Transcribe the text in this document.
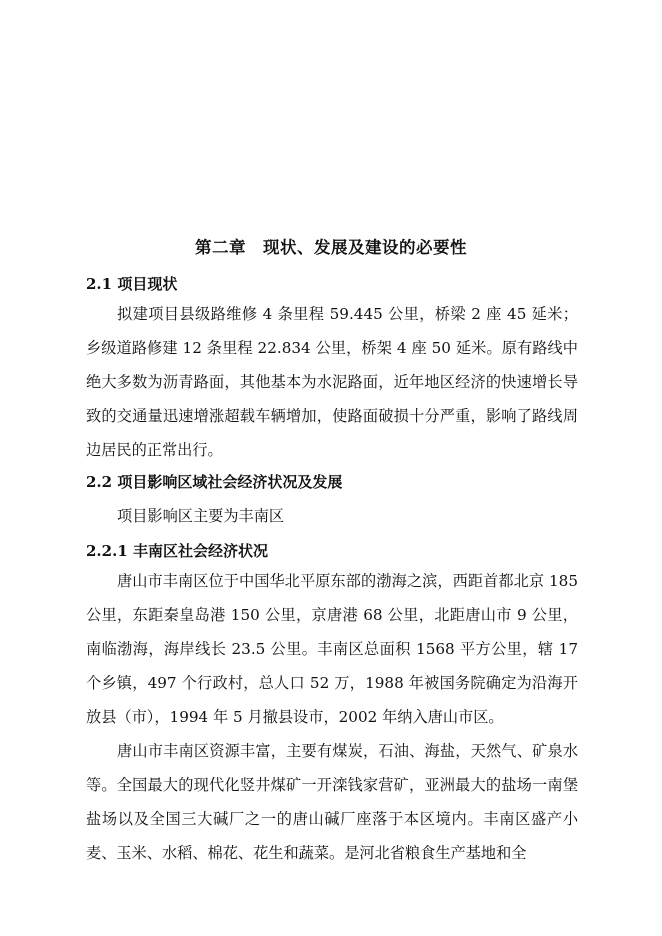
第二章　现状、发展及建设的必要性
2.1 项目现状

拟建项目县级路维修 4 条里程 59.445 公里，桥梁 2 座 45 延米；乡级道路修建 12 条里程 22.834 公里，桥架 4 座 50 延米。原有路线中绝大多数为沥青路面，其他基本为水泥路面，近年地区经济的快速增长导致的交通量迅速增涨超载车辆增加，使路面破损十分严重，影响了路线周边居民的正常出行。

2.2 项目影响区域社会经济状况及发展
项目影响区主要为丰南区
2.2.1 丰南区社会经济状况

唐山市丰南区位于中国华北平原东部的渤海之滨，西距首都北京 185 公里，东距秦皇岛港 150 公里，京唐港 68 公里，北距唐山市 9 公里，南临渤海，海岸线长 23.5 公里。丰南区总面积 1568 平方公里，辖 17 个乡镇，497 个行政村，总人口 52 万，1988 年被国务院确定为沿海开放县（市），1994 年 5 月撤县设市，2002 年纳入唐山市区。

唐山市丰南区资源丰富，主要有煤炭，石油、海盐，天然气、矿泉水等。全国最大的现代化竖井煤矿一开滦钱家营矿，亚洲最大的盐场一南堡盐场以及全国三大碱厂之一的唐山碱厂座落于本区境内。丰南区盛产小麦、玉米、水稻、棉花、花生和蔬菜。是河北省粮食生产基地和全
